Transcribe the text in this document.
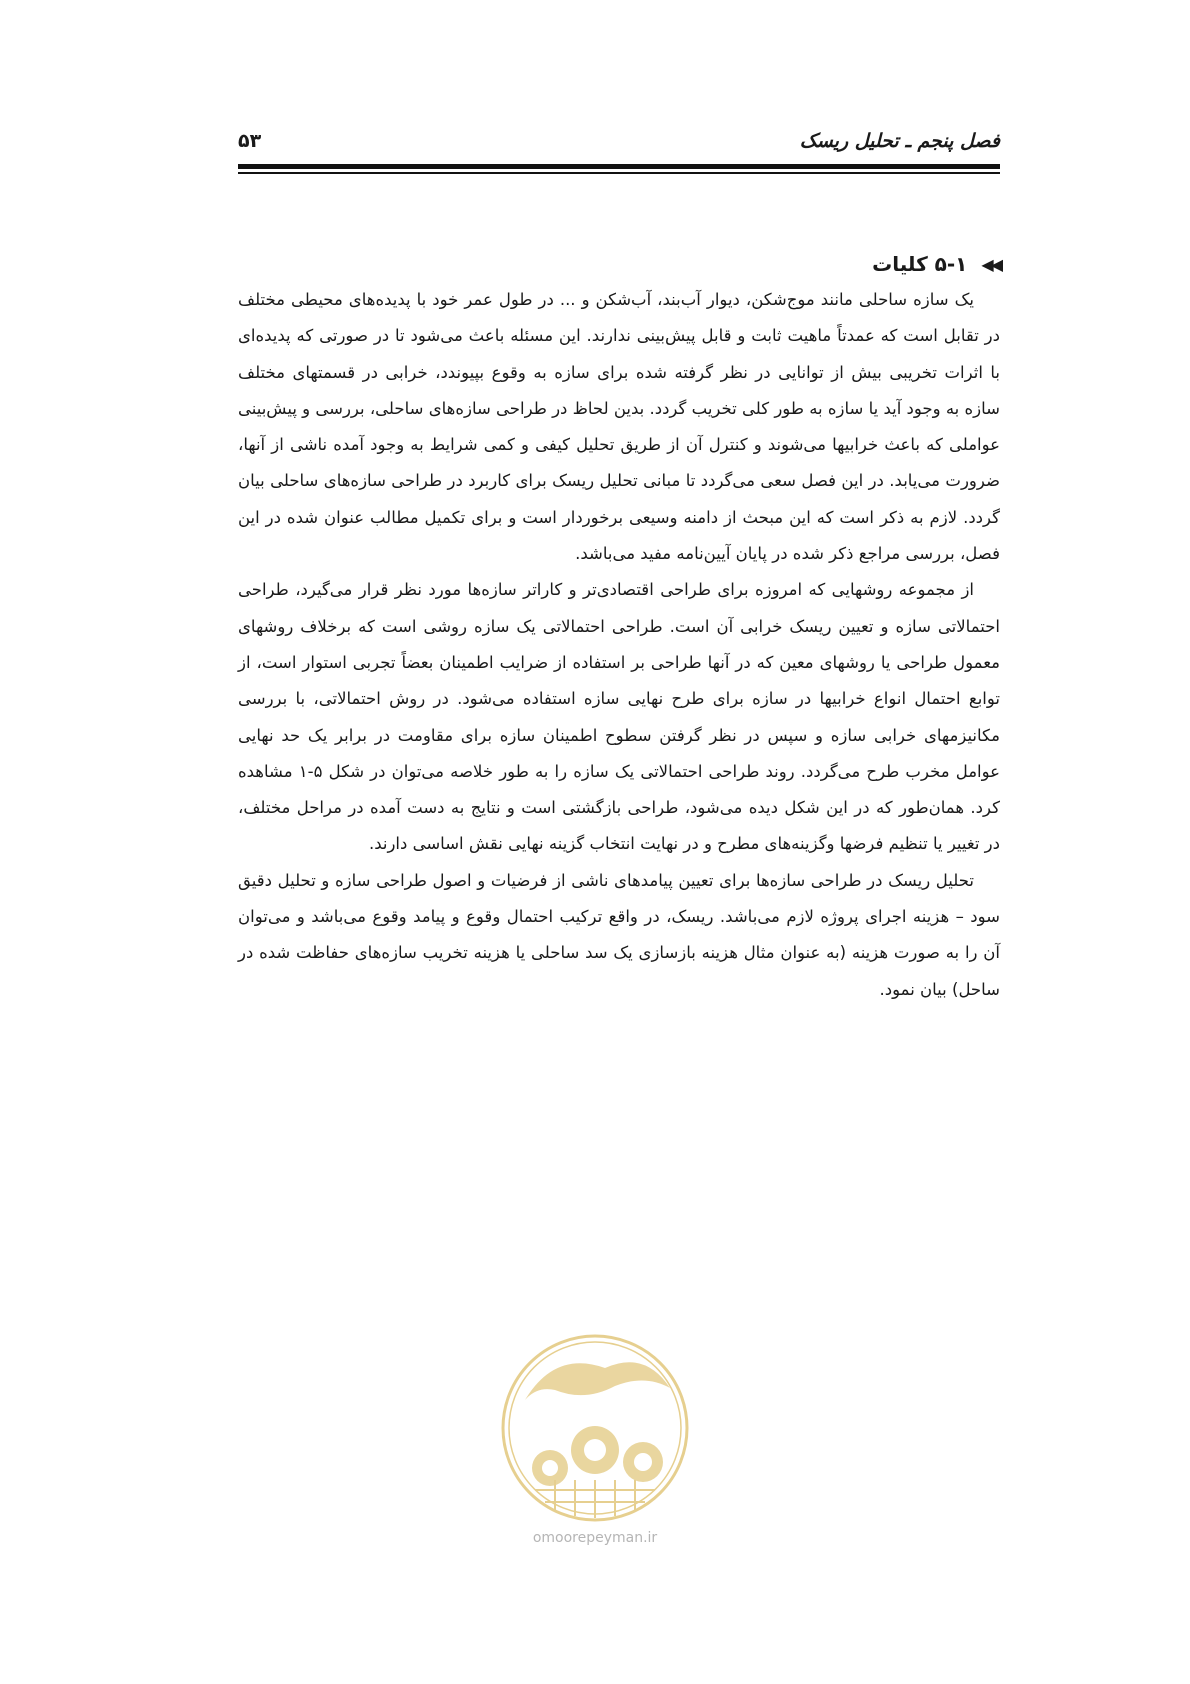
فصل پنجم ـ تحلیل ریسک
۵۳
◀◀
۵-۱ کلیات

یک سازه ساحلی مانند موج‌شکن، دیوار آب‌بند، آب‌شکن و ... در طول عمر خود با پدیده‌های محیطی مختلف در تقابل است که عمدتاً ماهیت ثابت و قابل پیش‌بینی ندارند. این مسئله باعث می‌شود تا در صورتی که پدیده‌ای با اثرات تخریبی بیش از توانایی در نظر گرفته شده برای سازه به وقوع بپیوندد، خرابی در قسمتهای مختلف سازه به وجود آید یا سازه به طور کلی تخریب گردد. بدین لحاظ در طراحی سازه‌های ساحلی، بررسی و پیش‌بینی عواملی که باعث خرابیها می‌شوند و کنترل آن از طریق تحلیل کیفی و کمی شرایط به وجود آمده ناشی از آنها، ضرورت می‌یابد. در این فصل سعی می‌گردد تا مبانی تحلیل ریسک برای کاربرد در طراحی سازه‌های ساحلی بیان گردد. لازم به ذکر است که این مبحث از دامنه وسیعی برخوردار است و برای تکمیل مطالب عنوان شده در این فصل، بررسی مراجع ذکر شده در پایان آیین‌نامه مفید می‌باشد.

از مجموعه روشهایی که امروزه برای طراحی اقتصادی‌تر و کاراتر سازه‌ها مورد نظر قرار می‌گیرد، طراحی احتمالاتی سازه و تعیین ریسک خرابی آن است. طراحی احتمالاتی یک سازه روشی است که برخلاف روشهای معمول طراحی یا روشهای معین که در آنها طراحی بر استفاده از ضرایب اطمینان بعضاً تجربی استوار است، از توابع احتمال انواع خرابیها در سازه برای طرح نهایی سازه استفاده می‌شود. در روش احتمالاتی، با بررسی مکانیزمهای خرابی سازه و سپس در نظر گرفتن سطوح اطمینان سازه برای مقاومت در برابر یک حد نهایی عوامل مخرب طرح می‌گردد. روند طراحی احتمالاتی یک سازه را به طور خلاصه می‌توان در شکل ۵-۱ مشاهده کرد. همان‌طور که در این شکل دیده می‌شود، طراحی بازگشتی است و نتایج به دست آمده در مراحل مختلف، در تغییر یا تنظیم فرضها وگزینه‌های مطرح و در نهایت انتخاب گزینه نهایی نقش اساسی دارند.

تحلیل ریسک در طراحی سازه‌ها برای تعیین پیامدهای ناشی از فرضیات و اصول طراحی سازه و تحلیل دقیق سود – هزینه اجرای پروژه لازم می‌باشد. ریسک، در واقع ترکیب احتمال وقوع و پیامد وقوع می‌باشد و می‌توان آن را به صورت هزینه (به عنوان مثال هزینه بازسازی یک سد ساحلی یا هزینه تخریب سازه‌های حفاظت شده در ساحل) بیان نمود.

omoorepeyman.ir
